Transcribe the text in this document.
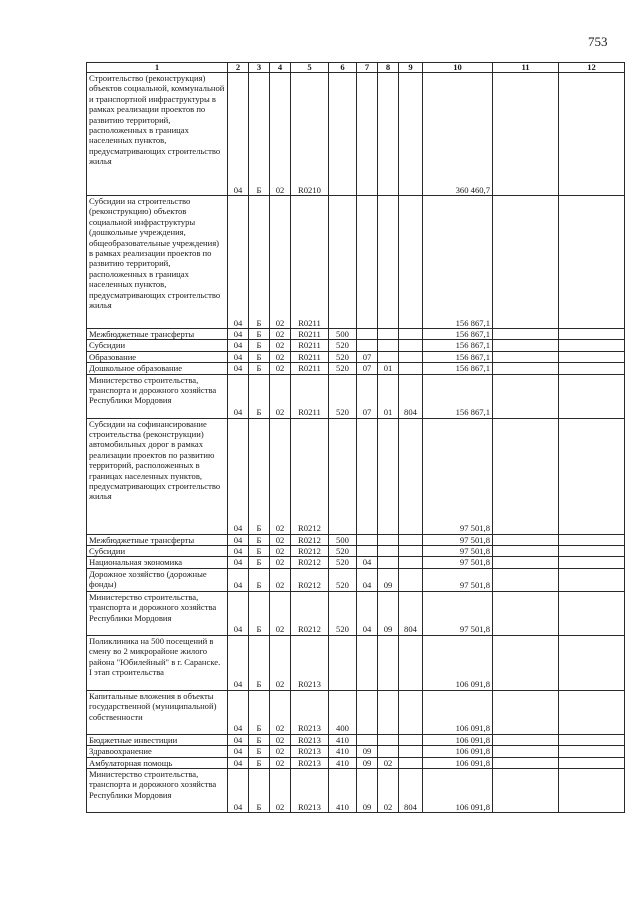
753
1	2	3	4	5	6	7	8	9	10	11	12
Строительство (реконструкция) объектов социальной, коммунальной и транспортной инфраструктуры в рамках реализации проектов по развитию территорий, расположенных в границах населенных пунктов, предусматривающих строительство жилья	04	Б	02	R0210					360 460,7		
Субсидии на строительство (реконструкцию) объектов социальной инфраструктуры (дошкольные учреждения, общеобразовательные учреждения) в рамках реализации проектов по развитию территорий, расположенных в границах населенных пунктов, предусматривающих строительство жилья	04	Б	02	R0211					156 867,1		
Межбюджетные трансферты	04	Б	02	R0211	500				156 867,1		
Субсидии	04	Б	02	R0211	520				156 867,1		
Образование	04	Б	02	R0211	520	07			156 867,1		
Дошкольное образование	04	Б	02	R0211	520	07	01		156 867,1		
Министерство строительства, транспорта и дорожного хозяйства Республики Мордовия	04	Б	02	R0211	520	07	01	804	156 867,1		
Субсидии на софинансирование строительства (реконструкции) автомобильных дорог в рамках реализации проектов по развитию территорий, расположенных в границах населенных пунктов, предусматривающих строительство жилья	04	Б	02	R0212					97 501,8		
Межбюджетные трансферты	04	Б	02	R0212	500				97 501,8		
Субсидии	04	Б	02	R0212	520				97 501,8		
Национальная экономика	04	Б	02	R0212	520	04			97 501,8		
Дорожное хозяйство (дорожные фонды)	04	Б	02	R0212	520	04	09		97 501,8		
Министерство строительства, транспорта и дорожного хозяйства Республики Мордовия	04	Б	02	R0212	520	04	09	804	97 501,8		
Поликлиника на 500 посещений в смену во 2 микрорайоне жилого района "Юбилейный" в г. Саранске. I этап строительства	04	Б	02	R0213					106 091,8		
Капитальные вложения в объекты государственной (муниципальной) собственности	04	Б	02	R0213	400				106 091,8		
Бюджетные инвестиции	04	Б	02	R0213	410				106 091,8		
Здравоохранение	04	Б	02	R0213	410	09			106 091,8		
Амбулаторная помощь	04	Б	02	R0213	410	09	02		106 091,8		
Министерство строительства, транспорта и дорожного хозяйства Республики Мордовия	04	Б	02	R0213	410	09	02	804	106 091,8		
